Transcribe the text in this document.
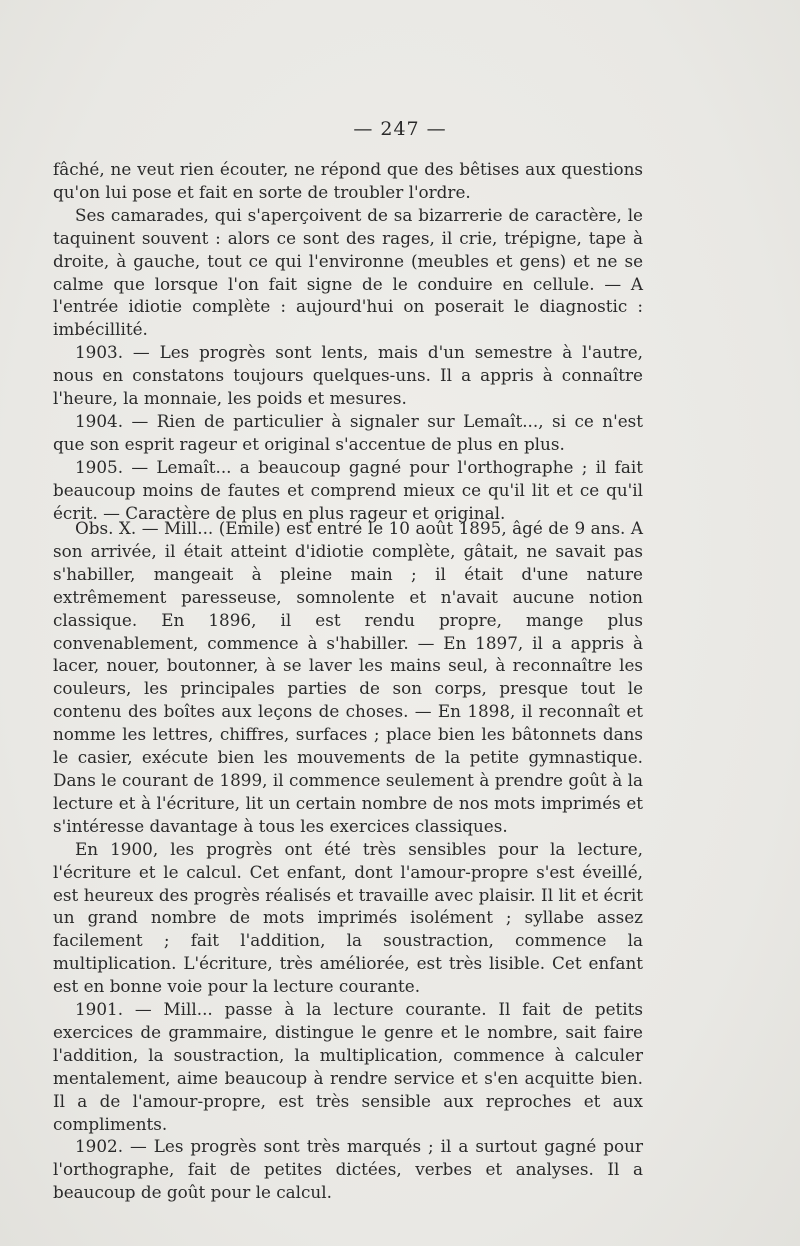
— 247 —

fâché, ne veut rien écouter, ne répond que des bêtises aux questions qu'on lui pose et fait en sorte de troubler l'ordre.

Ses camarades, qui s'aperçoivent de sa bizarrerie de caractère, le taquinent souvent : alors ce sont des rages, il crie, trépigne, tape à droite, à gauche, tout ce qui l'environne (meubles et gens) et ne se calme que lorsque l'on fait signe de le conduire en cellule. — A l'entrée idiotie complète : aujourd'hui on poserait le diagnostic : imbécillité.

1903. — Les progrès sont lents, mais d'un semestre à l'autre, nous en constatons toujours quelques-uns. Il a appris à connaître l'heure, la monnaie, les poids et mesures.

1904. — Rien de particulier à signaler sur Lemaît..., si ce n'est que son esprit rageur et original s'accentue de plus en plus.

1905. — Lemaît... a beaucoup gagné pour l'orthographe ; il fait beaucoup moins de fautes et comprend mieux ce qu'il lit et ce qu'il écrit. — Caractère de plus en plus rageur et original.

Obs. X. — Mill... (Emile) est entré le 10 août 1895, âgé de 9 ans. A son arrivée, il était atteint d'idiotie complète, gâtait, ne savait pas s'habiller, mangeait à pleine main ; il était d'une nature extrêmement paresseuse, somnolente et n'avait aucune notion classique. En 1896, il est rendu propre, mange plus convenablement, commence à s'habiller. — En 1897, il a appris à lacer, nouer, boutonner, à se laver les mains seul, à reconnaître les couleurs, les principales parties de son corps, presque tout le contenu des boîtes aux leçons de choses. — En 1898, il reconnaît et nomme les lettres, chiffres, surfaces ; place bien les bâtonnets dans le casier, exécute bien les mouvements de la petite gymnastique. Dans le courant de 1899, il commence seulement à prendre goût à la lecture et à l'écriture, lit un certain nombre de nos mots imprimés et s'intéresse davantage à tous les exercices classiques.

En 1900, les progrès ont été très sensibles pour la lecture, l'écriture et le calcul. Cet enfant, dont l'amour-propre s'est éveillé, est heureux des progrès réalisés et travaille avec plaisir. Il lit et écrit un grand nombre de mots imprimés isolément ; syllabe assez facilement ; fait l'addition, la soustraction, commence la multiplication. L'écriture, très améliorée, est très lisible. Cet enfant est en bonne voie pour la lecture courante.

1901. — Mill... passe à la lecture courante. Il fait de petits exercices de grammaire, distingue le genre et le nombre, sait faire l'addition, la soustraction, la multiplication, commence à calculer mentalement, aime beaucoup à rendre service et s'en acquitte bien. Il a de l'amour-propre, est très sensible aux reproches et aux compliments.

1902. — Les progrès sont très marqués ; il a surtout gagné pour l'orthographe, fait de petites dictées, verbes et analyses. Il a beaucoup de goût pour le calcul.
